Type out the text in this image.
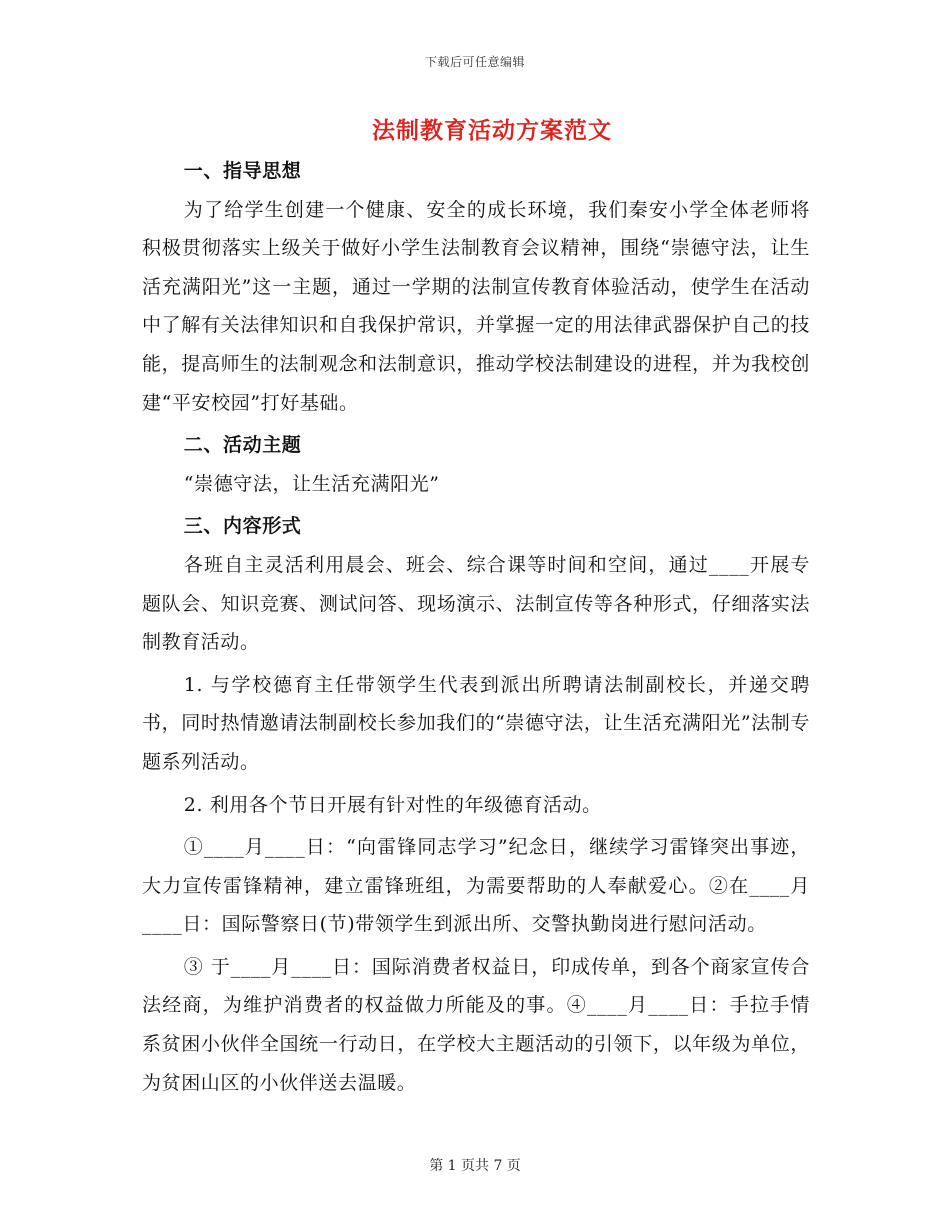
下载后可任意编辑
法制教育活动方案范文
一、指导思想

为了给学生创建一个健康、安全的成长环境，我们秦安小学全体老师将积极贯彻落实上级关于做好小学生法制教育会议精神，围绕“崇德守法，让生活充满阳光”这一主题，通过一学期的法制宣传教育体验活动，使学生在活动中了解有关法律知识和自我保护常识，并掌握一定的用法律武器保护自己的技能，提高师生的法制观念和法制意识，推动学校法制建设的进程，并为我校创建“平安校园”打好基础。

二、活动主题

“崇德守法，让生活充满阳光”

三、内容形式

各班自主灵活利用晨会、班会、综合课等时间和空间，通过____开展专题队会、知识竞赛、测试问答、现场演示、法制宣传等各种形式，仔细落实法制教育活动。

1. 与学校德育主任带领学生代表到派出所聘请法制副校长，并递交聘书，同时热情邀请法制副校长参加我们的“崇德守法，让生活充满阳光”法制专题系列活动。

2. 利用各个节日开展有针对性的年级德育活动。

①____月____日：“向雷锋同志学习”纪念日，继续学习雷锋突出事迹，大力宣传雷锋精神，建立雷锋班组，为需要帮助的人奉献爱心。②在____月____日：国际警察日(节)带领学生到派出所、交警执勤岗进行慰问活动。

③ 于____月____日：国际消费者权益日，印成传单，到各个商家宣传合法经商，为维护消费者的权益做力所能及的事。④____月____日：手拉手情系贫困小伙伴全国统一行动日，在学校大主题活动的引领下，以年级为单位，为贫困山区的小伙伴送去温暖。

第 1 页共 7 页
